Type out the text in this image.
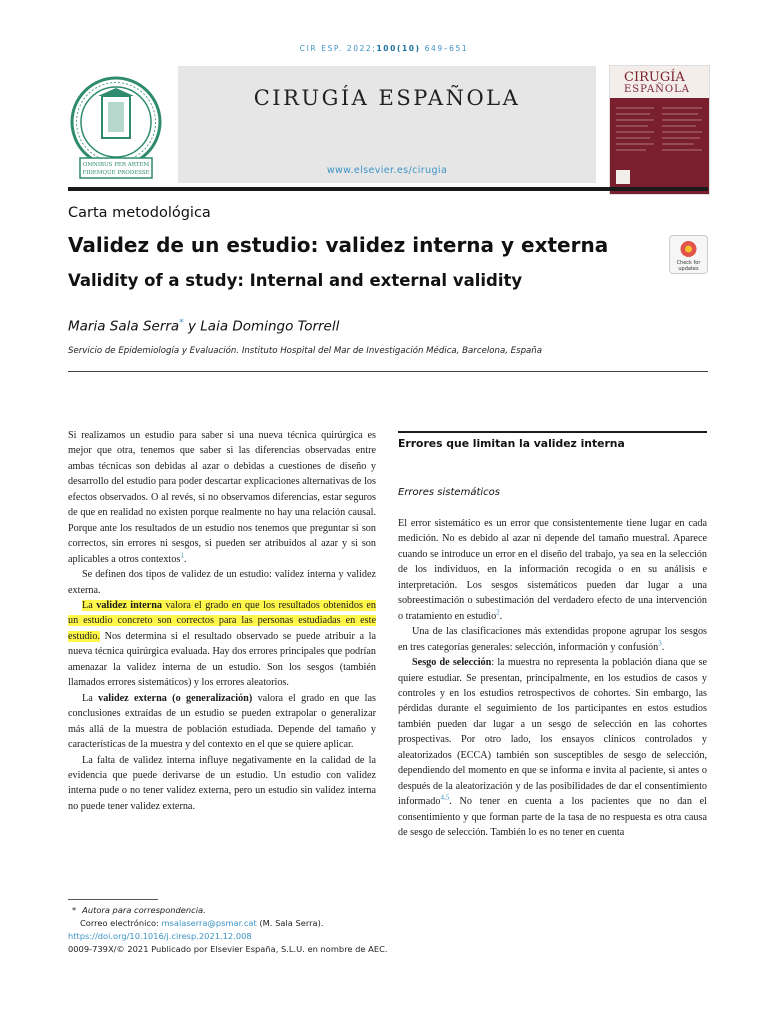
CIR ESP. 2022;100(10) 649–651
OMNIBUS PER ARTEM
FIDEMQUE PRODESSE
CIRUGÍA ESPAÑOLA
www.elsevier.es/cirugia
CIRUGÍA
ESPAÑOLA
Carta metodológica
Validez de un estudio: validez interna y externa
Validity of a study: Internal and external validity
Check for
updates
Maria Sala Serra* y Laia Domingo Torrell
Servicio de Epidemiología y Evaluación. Instituto Hospital del Mar de Investigación Médica, Barcelona, España

Si realizamos un estudio para saber si una nueva técnica quirúrgica es mejor que otra, tenemos que saber si las diferencias observadas entre ambas técnicas son debidas al azar o debidas a cuestiones de diseño y desarrollo del estudio para poder descartar explicaciones alternativas de los efectos observados. O al revés, si no observamos diferencias, estar seguros de que en realidad no existen porque realmente no hay una relación causal. Porque ante los resultados de un estudio nos tenemos que preguntar si son correctos, sin errores ni sesgos, si pueden ser atribuidos al azar y si son aplicables a otros contextos$^1$.

Se definen dos tipos de validez de un estudio: validez interna y validez externa.

La validez interna valora el grado en que los resultados obtenidos en un estudio concreto son correctos para las personas estudiadas en este estudio. Nos determina si el resultado observado se puede atribuir a la nueva técnica quirúrgica evaluada. Hay dos errores principales que podrían amenazar la validez interna de un estudio. Son los sesgos (también llamados errores sistemáticos) y los errores aleatorios.

La validez externa (o generalización) valora el grado en que las conclusiones extraídas de un estudio se pueden extrapolar o generalizar más allá de la muestra de población estudiada. Depende del tamaño y características de la muestra y del contexto en el que se quiere aplicar.

La falta de validez interna influye negativamente en la calidad de la evidencia que puede derivarse de un estudio. Un estudio con validez interna pude o no tener validez externa, pero un estudio sin validez interna no puede tener validez externa.

Errores que limitan la validez interna
Errores sistemáticos

El error sistemático es un error que consistentemente tiene lugar en cada medición. No es debido al azar ni depende del tamaño muestral. Aparece cuando se introduce un error en el diseño del trabajo, ya sea en la selección de los individuos, en la información recogida o en su análisis e interpretación. Los sesgos sistemáticos pueden dar lugar a una sobreestimación o subestimación del verdadero efecto de una intervención o tratamiento en estudio$^2$.

Una de las clasificaciones más extendidas propone agrupar los sesgos en tres categorías generales: selección, información y confusión$^3$.

Sesgo de selección: la muestra no representa la población diana que se quiere estudiar. Se presentan, principalmente, en los estudios de casos y controles y en los estudios retrospectivos de cohortes. Sin embargo, las pérdidas durante el seguimiento de los participantes en estos estudios también pueden dar lugar a un sesgo de selección en las cohortes prospectivas. Por otro lado, los ensayos clínicos controlados y aleatorizados (ECCA) también son susceptibles de sesgo de selección, dependiendo del momento en que se informa e invita al paciente, si antes o después de la aleatorización y de las posibilidades de dar el consentimiento informado$^{4,5}$. No tener en cuenta a los pacientes que no dan el consentimiento y que forman parte de la tasa de no respuesta es otra causa de sesgo de selección. También lo es no tener en cuenta

* Autora para correspondencia.
Correo electrónico: msalaserra@psmar.cat (M. Sala Serra).
https://doi.org/10.1016/j.ciresp.2021.12.008
0009-739X/© 2021 Publicado por Elsevier España, S.L.U. en nombre de AEC.
